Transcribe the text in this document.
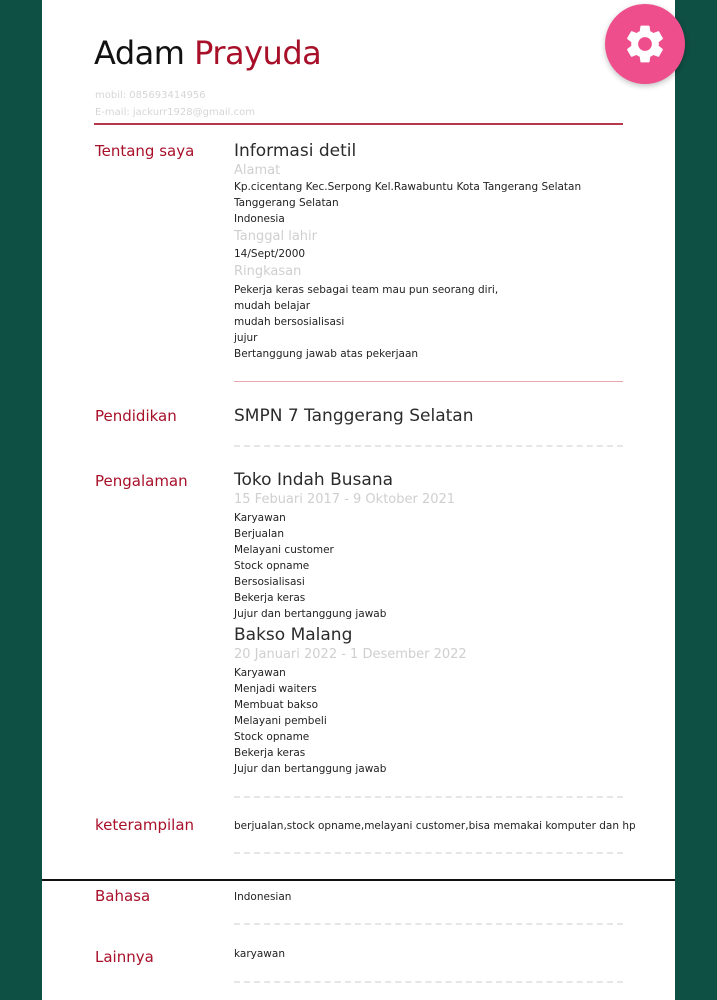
Adam Prayuda
mobil: 085693414956
E-mail: jackurr1928@gmail.com
Tentang saya Informasi detil
Alamat
Kp.cicentang Kec.Serpong Kel.Rawabuntu Kota Tangerang Selatan
Tanggerang Selatan
Indonesia
Tanggal lahir
14/Sept/2000
Ringkasan
Pekerja keras sebagai team mau pun seorang diri,
mudah belajar
mudah bersosialisasi
jujur
Bertanggung jawab atas pekerjaan
Pendidikan	SMPN 7 Tanggerang Selatan
Pengalaman	Toko Indah Busana
15 Febuari 2017 - 9 Oktober 2021
Karyawan
Berjualan
Melayani customer
Stock opname
Bersosialisasi
Bekerja keras
Jujur dan bertanggung jawab
Bakso Malang
20 Januari 2022 - 1 Desember 2022
Karyawan
Menjadi waiters
Membuat bakso
Melayani pembeli
Stock opname
Bekerja keras
Jujur dan bertanggung jawab
keterampilan	berjualan,stock opname,melayani customer,bisa memakai komputer dan hp
Bahasa	Indonesian
Lainnya	karyawan
